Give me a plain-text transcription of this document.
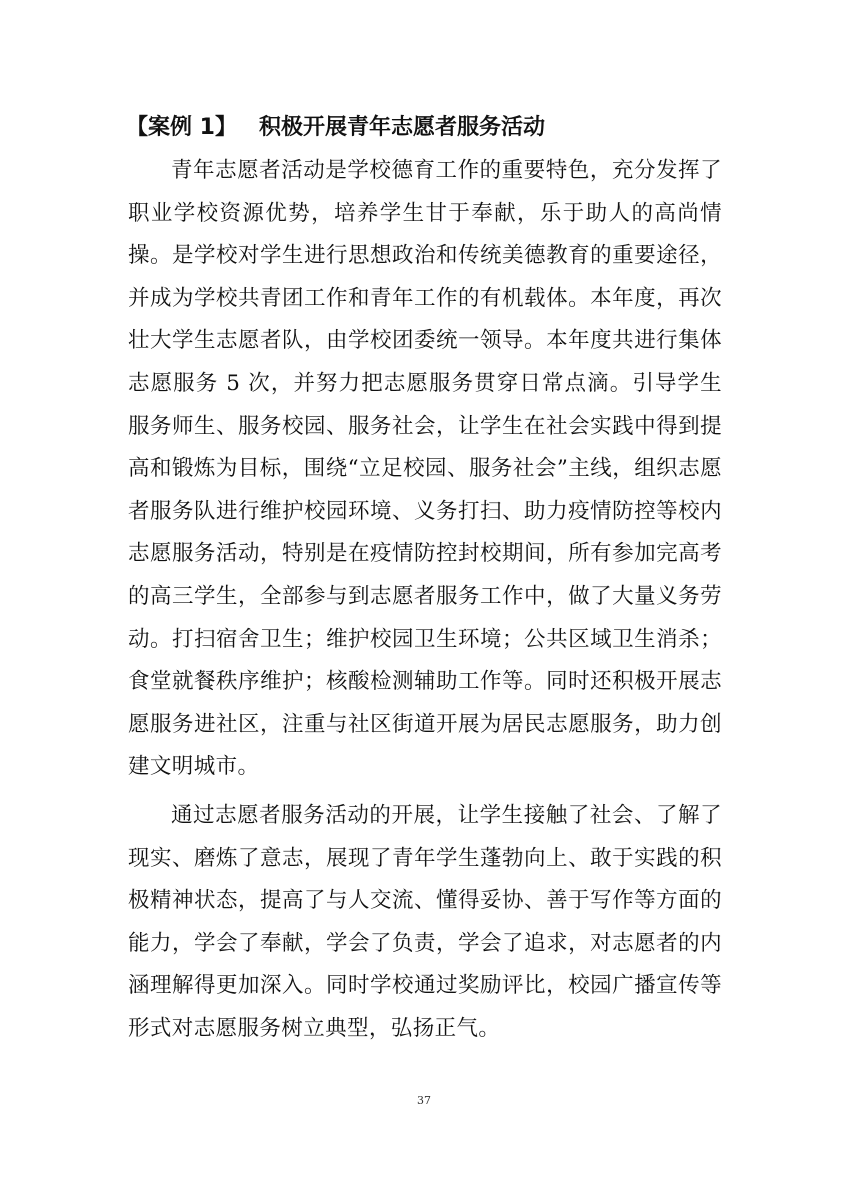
【案例 1】 积极开展青年志愿者服务活动

青年志愿者活动是学校德育工作的重要特色，充分发挥了职业学校资源优势，培养学生甘于奉献，乐于助人的高尚情操。是学校对学生进行思想政治和传统美德教育的重要途径，并成为学校共青团工作和青年工作的有机载体。本年度，再次壮大学生志愿者队，由学校团委统一领导。本年度共进行集体志愿服务 5 次，并努力把志愿服务贯穿日常点滴。引导学生服务师生、服务校园、服务社会，让学生在社会实践中得到提高和锻炼为目标，围绕“立足校园、服务社会”主线，组织志愿者服务队进行维护校园环境、义务打扫、助力疫情防控等校内志愿服务活动，特别是在疫情防控封校期间，所有参加完高考的高三学生，全部参与到志愿者服务工作中，做了大量义务劳动。打扫宿舍卫生；维护校园卫生环境；公共区域卫生消杀；食堂就餐秩序维护；核酸检测辅助工作等。同时还积极开展志愿服务进社区，注重与社区街道开展为居民志愿服务，助力创建文明城市。

通过志愿者服务活动的开展，让学生接触了社会、了解了现实、磨炼了意志，展现了青年学生蓬勃向上、敢于实践的积极精神状态，提高了与人交流、懂得妥协、善于写作等方面的能力，学会了奉献，学会了负责，学会了追求，对志愿者的内涵理解得更加深入。同时学校通过奖励评比，校园广播宣传等形式对志愿服务树立典型，弘扬正气。

37
